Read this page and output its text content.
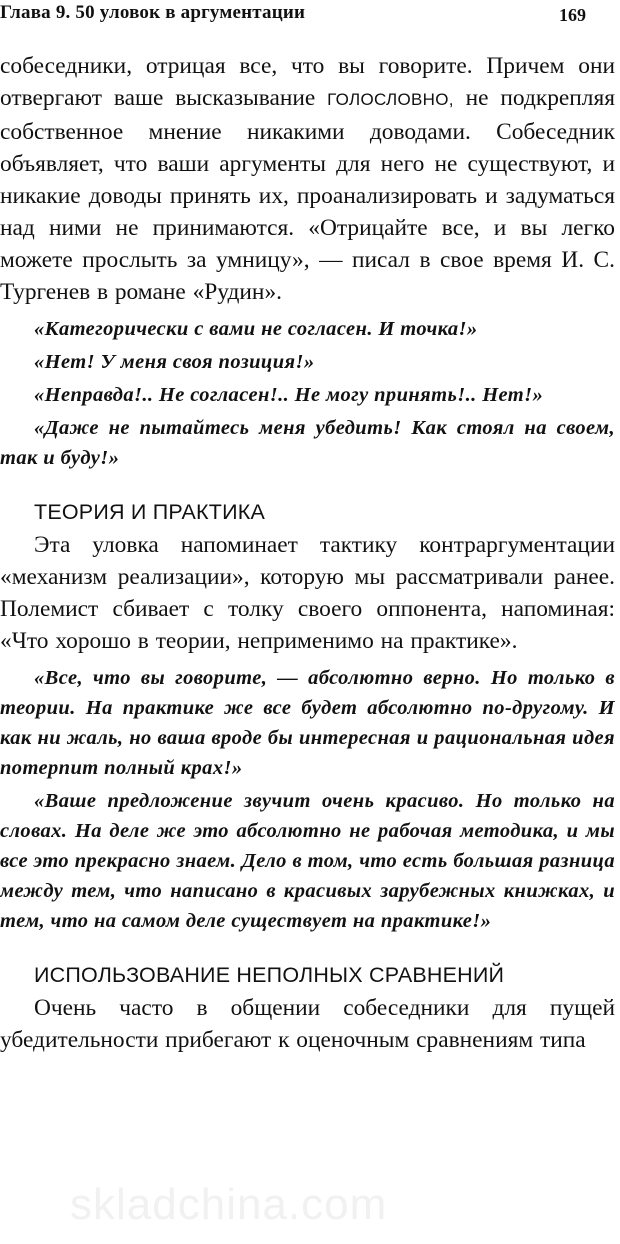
Глава 9. 50 уловок в аргументации	169

собеседники, отрицая все, что вы говорите. Причем они отвергают ваше высказывание ГОЛОСЛОВНО, не подкрепляя собственное мнение никакими доводами. Собеседник объявляет, что ваши аргументы для него не существуют, и никакие доводы принять их, проанализировать и задуматься над ними не принимаются. «Отрицайте все, и вы легко можете прослыть за умницу», — писал в свое время И. С. Тургенев в романе «Рудин».

«Категорически с вами не согласен. И точка!»

«Нет! У меня своя позиция!»

«Неправда!.. Не согласен!.. Не могу принять!.. Нет!»

«Даже не пытайтесь меня убедить! Как стоял на своем, так и буду!»

ТЕОРИЯ И ПРАКТИКА

Эта уловка напоминает тактику контраргументации «механизм реализации», которую мы рассматривали ранее. Полемист сбивает с толку своего оппонента, напоминая: «Что хорошо в теории, неприменимо на практике».

«Все, что вы говорите, — абсолютно верно. Но только в теории. На практике же все будет абсолютно по-другому. И как ни жаль, но ваша вроде бы интересная и рациональная идея потерпит полный крах!»

«Ваше предложение звучит очень красиво. Но только на словах. На деле же это абсолютно не рабочая методика, и мы все это прекрасно знаем. Дело в том, что есть большая разница между тем, что написано в красивых зарубежных книжках, и тем, что на самом деле существует на практике!»

ИСПОЛЬЗОВАНИЕ НЕПОЛНЫХ СРАВНЕНИЙ

Очень часто в общении собеседники для пущей убедительности прибегают к оценочным сравнениям типа

skladchina.com
